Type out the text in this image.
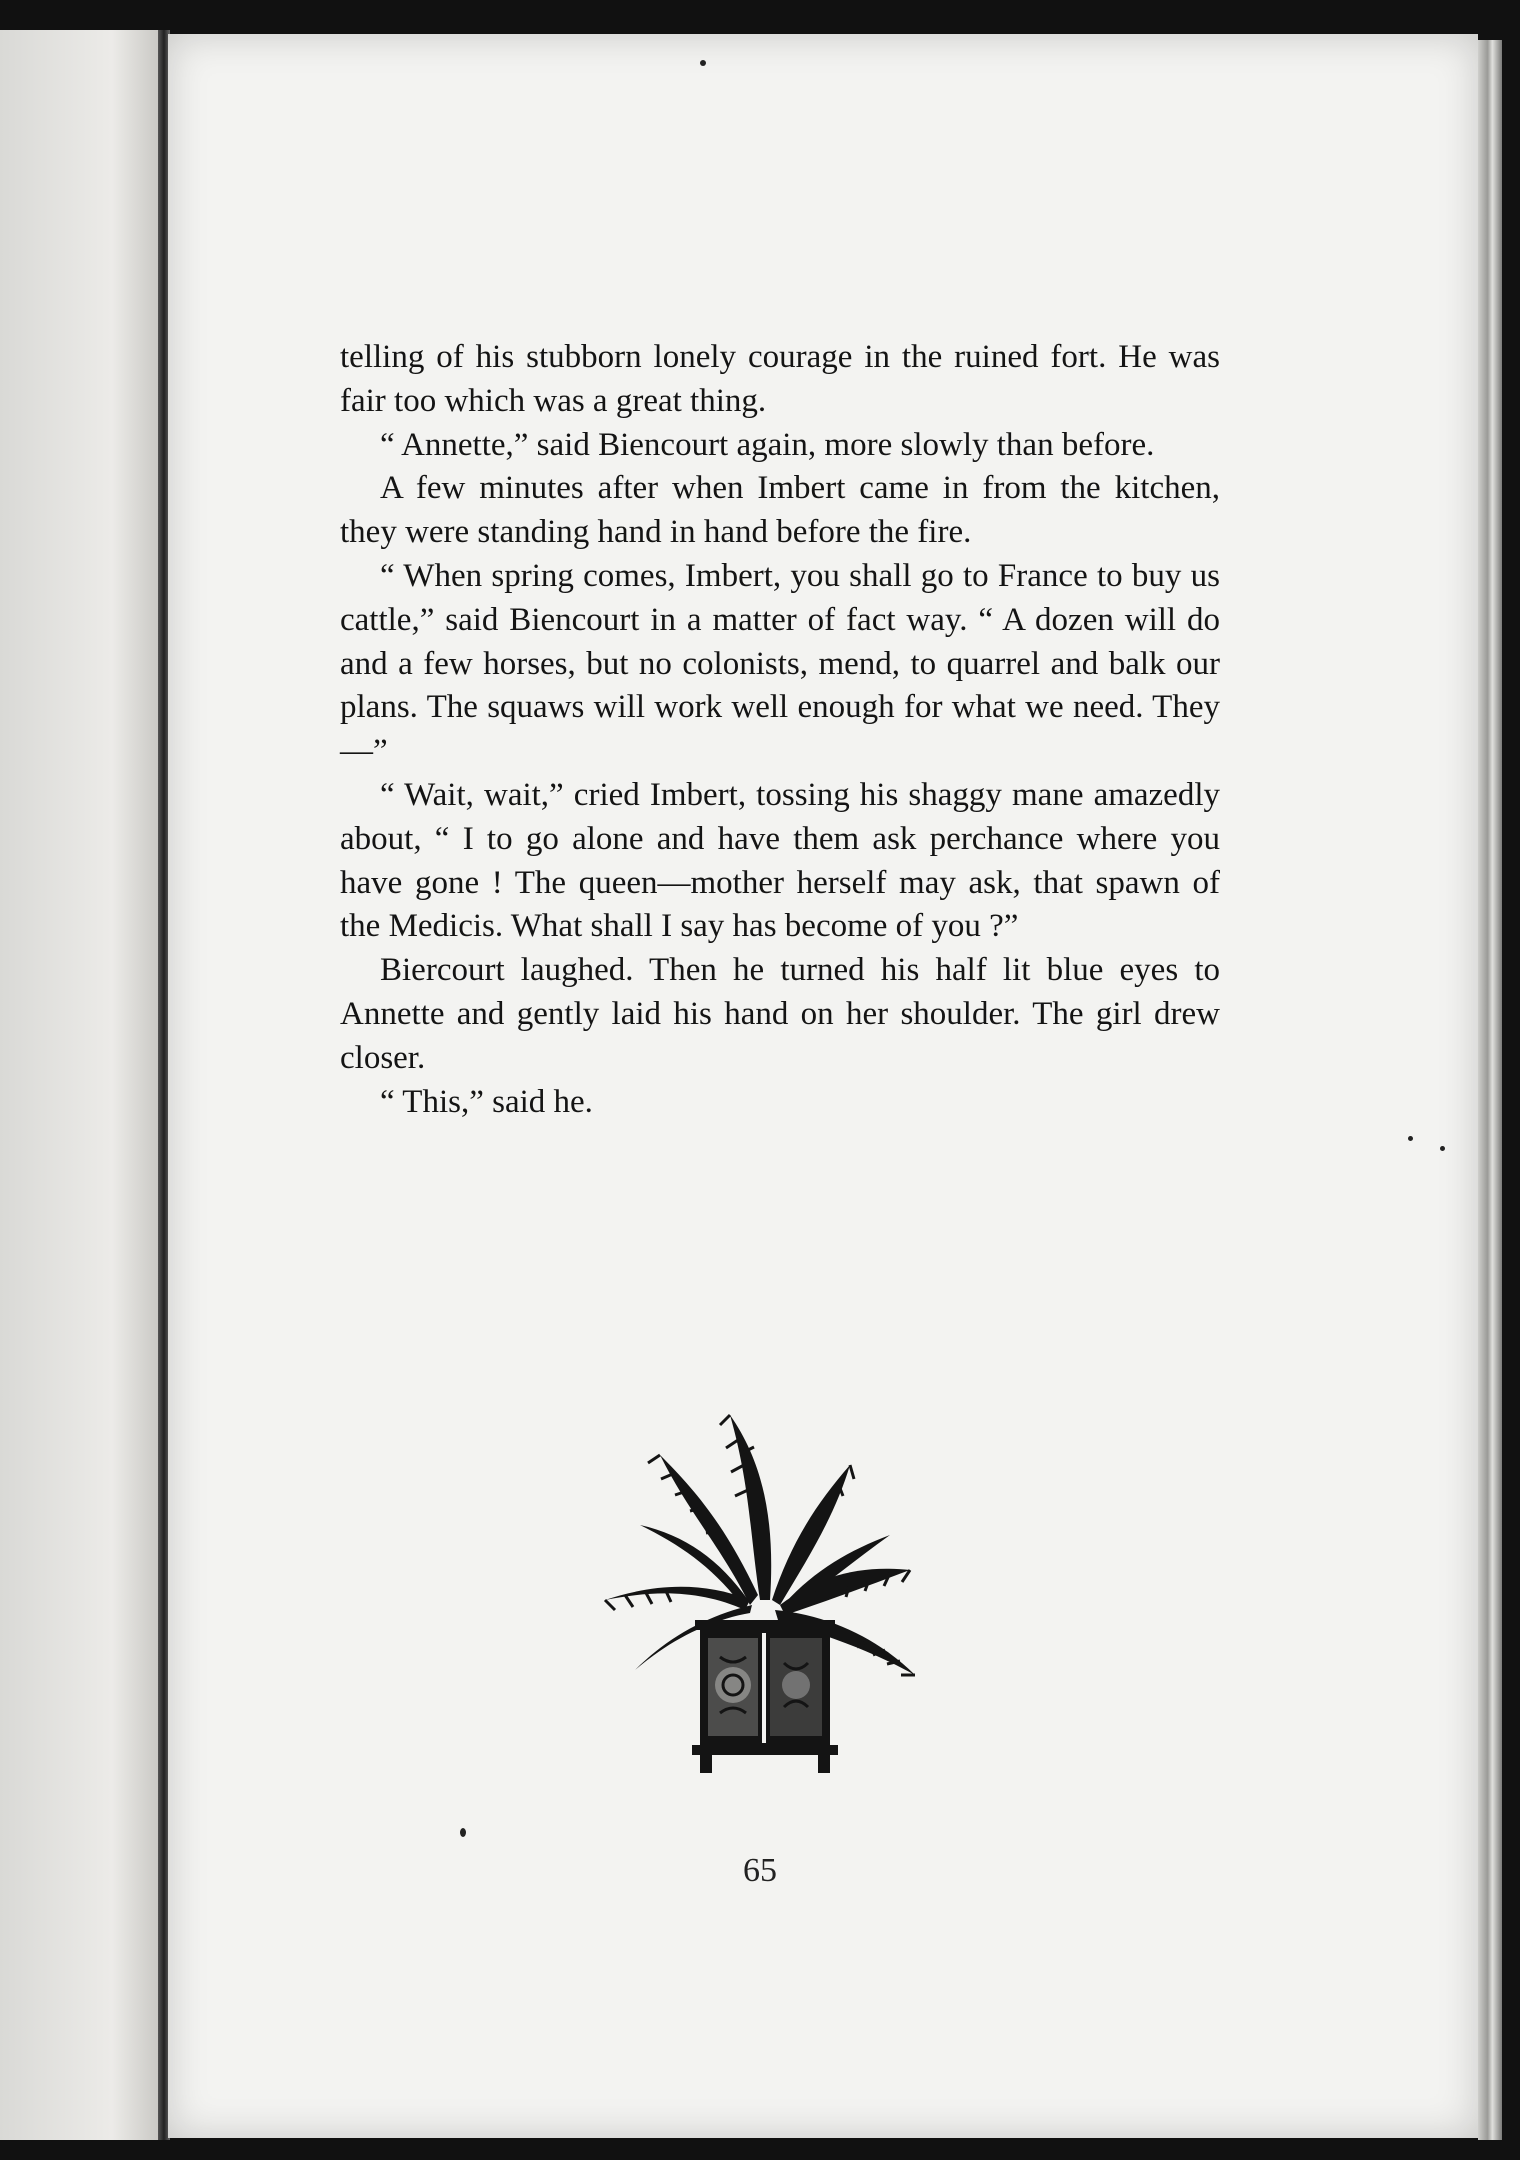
telling of his stubborn lonely courage in the ruined fort. He was fair too which was a great thing.

“ Annette,” said Biencourt again, more slowly than before.

A few minutes after when Imbert came in from the kitchen, they were standing hand in hand before the fire.

“ When spring comes, Imbert, you shall go to France to buy us cattle,” said Biencourt in a matter of fact way. “ A dozen will do and a few horses, but no colonists, mend, to quarrel and balk our plans. The squaws will work well enough for what we need. They—”

“ Wait, wait,” cried Imbert, tossing his shaggy mane amazedly about, “ I to go alone and have them ask perchance where you have gone ! The queen—mother herself may ask, that spawn of the Medicis. What shall I say has become of you ?”

Biercourt laughed. Then he turned his half lit blue eyes to Annette and gently laid his hand on her shoulder. The girl drew closer.

“ This,” said he.

65
